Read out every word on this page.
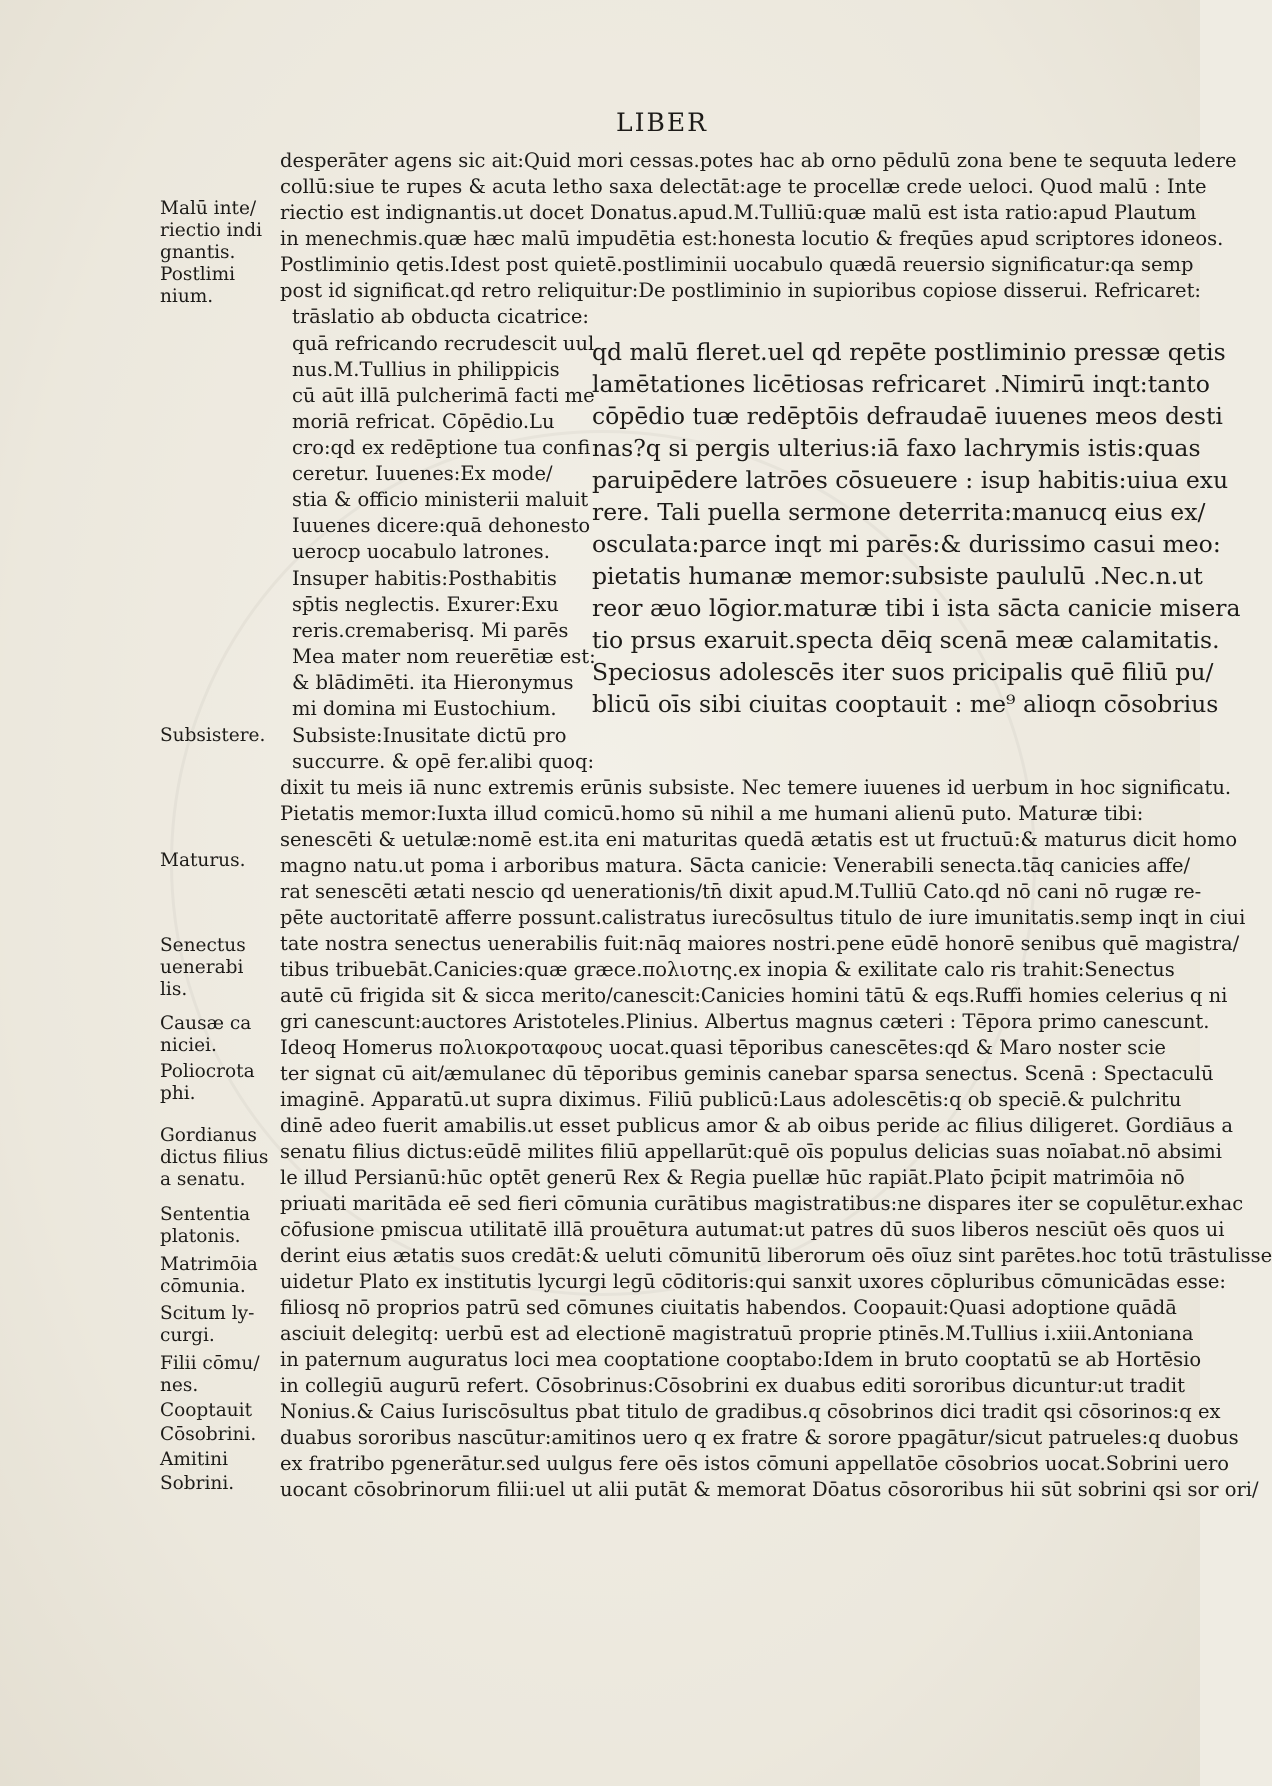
LIBER
desperāter agens sic ait:Quid mori cessas.potes hac ab orno pēdulū zona bene te sequuta ledere
collū:siue te rupes & acuta letho saxa delectāt:age te procellæ crede ueloci. Quod malū : Inte
riectio est indignantis.ut docet Donatus.apud.M.Tulliū:quæ malū est ista ratio:apud Plautum
in menechmis.quæ hæc malū impudētia est:honesta locutio & freqūes apud scriptores idoneos.
Postliminio qetis.Idest post quietē.postliminii uocabulo quædā reuersio significatur:qa semp
post id significat.qd retro reliquitur:De postliminio in supioribus copiose disserui. Refricaret:
trāslatio ab obducta cicatrice:
quā refricando recrudescit uul
nus.M.Tullius in philippicis
cū aūt illā pulcherimā facti me
moriā refricat. Cōpēdio.Lu
cro:qd ex redēptione tua confi
ceretur. Iuuenes:Ex mode/
stia & officio ministerii maluit
Iuuenes dicere:quā dehonesto
uerocp uocabulo latrones.
Insuper habitis:Posthabitis
sp̄tis neglectis. Exurer:Exu
reris.cremaberisq. Mi parēs
Mea mater nom reuerētiæ est:
& blādimēti. ita Hieronymus
mi domina mi Eustochium.
Subsiste:Inusitate dictū pro
succurre. & opē fer.alibi quoq:
qd malū fleret.uel qd repēte postliminio pressæ qetis
lamētationes licētiosas refricaret .Nimirū inqt:tanto
cōpēdio tuæ redēptōis defraudaē iuuenes meos desti
nas?q si pergis ulterius:iā faxo lachrymis istis:quas
paruipēdere latrōes cōsueuere : isup habitis:uiua exu
rere. Tali puella sermone deterrita:manucq eius ex/
osculata:parce inqt mi parēs:& durissimo casui meo:
pietatis humanæ memor:subsiste paululū .Nec.n.ut
reor æuo lōgior.maturæ tibi i ista sācta canicie misera
tio prsus exaruit.specta dēiq scenā meæ calamitatis.
Speciosus adolescēs iter suos pricipalis quē filiū pu/
blicū oīs sibi ciuitas cooptauit : me⁹ alioqn cōsobrius
dixit tu meis iā nunc extremis erūnis subsiste. Nec temere iuuenes id uerbum in hoc significatu.
Pietatis memor:Iuxta illud comicū.homo sū nihil a me humani alienū puto. Maturæ tibi:
senescēti & uetulæ:nomē est.ita eni maturitas quedā ætatis est ut fructuū:& maturus dicit homo
magno natu.ut poma i arboribus matura. Sācta canicie: Venerabili senecta.tāq canicies affe/
rat senescēti ætati nescio qd uenerationis/tn̄ dixit apud.M.Tulliū Cato.qd nō cani nō rugæ re-
pēte auctoritatē afferre possunt.calistratus iurecōsultus titulo de iure imunitatis.semp inqt in ciui
tate nostra senectus uenerabilis fuit:nāq maiores nostri.pene eūdē honorē senibus quē magistra/
tibus tribuebāt.Canicies:quæ græce.πολιοτης.ex inopia & exilitate calo ris trahit:Senectus
autē cū frigida sit & sicca merito/canescit:Canicies homini tātū & eqs.Ruffi homies celerius q ni
gri canescunt:auctores Aristoteles.Plinius. Albertus magnus cæteri : Tēpora primo canescunt.
Ideoq Homerus πολιοκροταφους uocat.quasi tēporibus canescētes:qd & Maro noster scie
ter signat cū ait/æmulanec dū tēporibus geminis canebar sparsa senectus. Scenā : Spectaculū
imaginē. Apparatū.ut supra diximus. Filiū publicū:Laus adolescētis:q ob speciē.& pulchritu
dinē adeo fuerit amabilis.ut esset publicus amor & ab oibus peride ac filius diligeret. Gordiāus a
senatu filius dictus:eūdē milites filiū appellarūt:quē oīs populus delicias suas noīabat.nō absimi
le illud Persianū:hūc optēt generū Rex & Regia puellæ hūc rapiāt.Plato p̄cipit matrimōia nō
priuati maritāda eē sed fieri cōmunia curātibus magistratibus:ne dispares iter se copulētur.exhac
cōfusione pmiscua utilitatē illā prouētura autumat:ut patres dū suos liberos nesciūt oēs quos ui
derint eius ætatis suos credāt:& ueluti cōmunitū liberorum oēs oīuz sint parētes.hoc totū trāstulisse
uidetur Plato ex institutis lycurgi legū cōditoris:qui sanxit uxores cōpluribus cōmunicādas esse:
filiosq nō proprios patrū sed cōmunes ciuitatis habendos. Coopauit:Quasi adoptione quādā
asciuit delegitq: uerbū est ad electionē magistratuū proprie ptinēs.M.Tullius i.xiii.Antoniana
in paternum auguratus loci mea cooptatione cooptabo:Idem in bruto cooptatū se ab Hortēsio
in collegiū augurū refert. Cōsobrinus:Cōsobrini ex duabus editi sororibus dicuntur:ut tradit
Nonius.& Caius Iuriscōsultus pbat titulo de gradibus.q cōsobrinos dici tradit qsi cōsorinos:q ex
duabus sororibus nascūtur:amitinos uero q ex fratre & sorore ppagātur/sicut patrueles:q duobus
ex fratribo pgenerātur.sed uulgus fere oēs istos cōmuni appellatōe cōsobrios uocat.Sobrini uero
uocant cōsobrinorum filii:uel ut alii putāt & memorat Dōatus cōsororibus hii sūt sobrini qsi sor ori/
Malū inte/
riectio indi
gnantis.
Postlimi
nium.
Subsistere.
Maturus.
Senectus
uenerabi
lis.
Causæ ca
niciei.
Poliocrota
phi.
Gordianus
dictus filius
a senatu.
Sententia
platonis.
Matrimōia
cōmunia.
Scitum ly-
curgi.
Filii cōmu/
nes.
Cooptauit
Cōsobrini.
Amitini
Sobrini.
